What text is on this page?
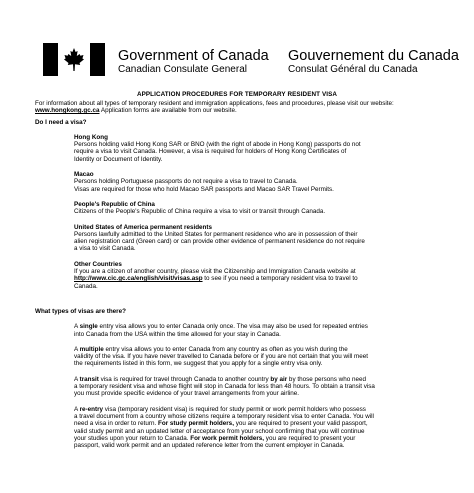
Government of Canada
Canadian Consulate General
Gouvernement du Canada
Consulat Général du Canada
APPLICATION PROCEDURES FOR TEMPORARY RESIDENT VISA

For information about all types of temporary resident and immigration applications, fees and procedures, please visit our website: www.hongkong.gc.ca Application forms are available from our website.

Do I need a visa?

Hong Kong

Persons holding valid Hong Kong SAR or BNO (with the right of abode in Hong Kong) passports do not

require a visa to visit Canada. However, a visa is required for holders of Hong Kong Certificates of

Identity or Document of Identity.

Macao

Persons holding Portuguese passports do not require a visa to travel to Canada.

Visas are required for those who hold Macao SAR passports and Macao SAR Travel Permits.

People's Republic of China

Citizens of the People's Republic of China require a visa to visit or transit through Canada.

United States of America permanent residents

Persons lawfully admitted to the United States for permanent residence who are in possession of their

alien registration card (Green card) or can provide other evidence of permanent residence do not require

a visa to visit Canada.

Other Countries

If you are a citizen of another country, please visit the Citizenship and Immigration Canada website at

http://www.cic.gc.ca/english/visit/visas.asp to see if you need a temporary resident visa to travel to

Canada.

What types of visas are there?

A single entry visa allows you to enter Canada only once. The visa may also be used for repeated entries

into Canada from the USA within the time allowed for your stay in Canada.

A multiple entry visa allows you to enter Canada from any country as often as you wish during the

validity of the visa. If you have never travelled to Canada before or if you are not certain that you will meet

the requirements listed in this form, we suggest that you apply for a single entry visa only.

A transit visa is required for travel through Canada to another country by air by those persons who need

a temporary resident visa and whose flight will stop in Canada for less than 48 hours. To obtain a transit visa

you must provide specific evidence of your travel arrangements from your airline.

A re-entry visa (temporary resident visa) is required for study permit or work permit holders who possess

a travel document from a country whose citizens require a temporary resident visa to enter Canada. You will

need a visa in order to return. For study permit holders, you are required to present your valid passport,

valid study permit and an updated letter of acceptance from your school confirming that you will continue

your studies upon your return to Canada. For work permit holders, you are required to present your

passport, valid work permit and an updated reference letter from the current employer in Canada.
